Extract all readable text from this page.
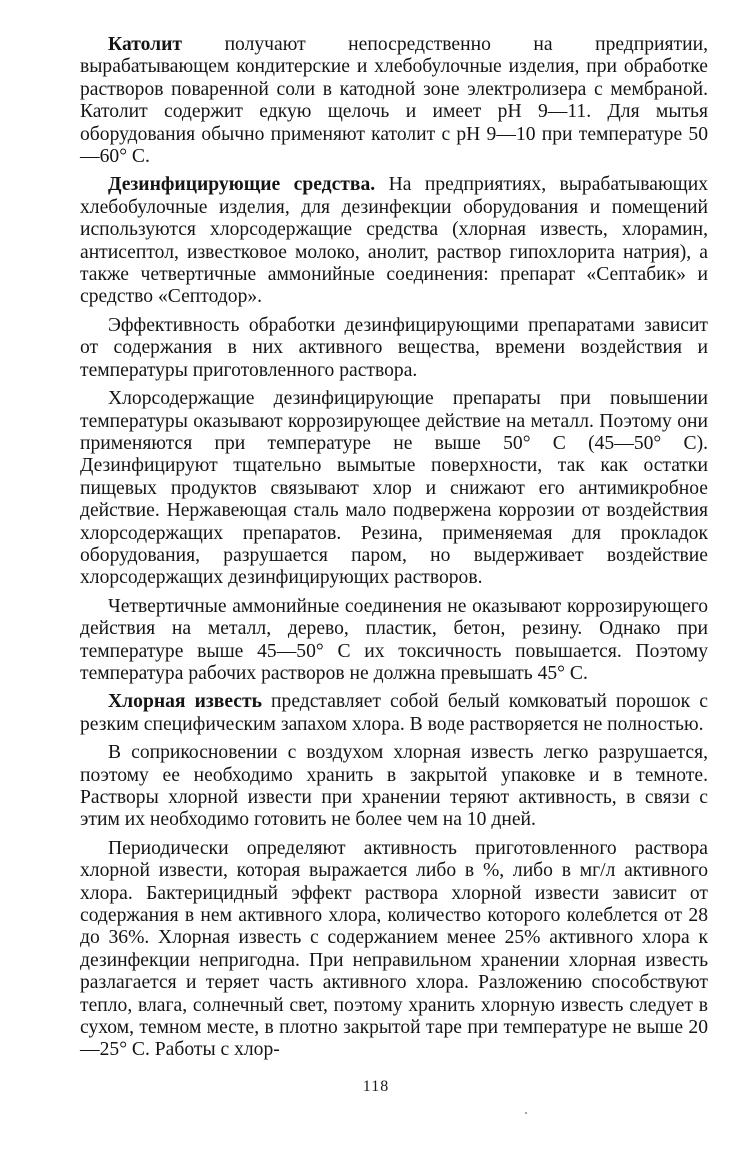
Католит получают непосредственно на предприятии, вырабатывающем кондитерские и хлебобулочные изделия, при обработке растворов поваренной соли в катодной зоне электролизера с мембраной. Католит содержит едкую щелочь и имеет pH 9—11. Для мытья оборудования обычно применяют католит с pH 9—10 при температуре 50—60° С.

Дезинфицирующие средства. На предприятиях, вырабатывающих хлебобулочные изделия, для дезинфекции оборудования и помещений используются хлорсодержащие средства (хлорная известь, хлорамин, антисептол, известковое молоко, анолит, раствор гипохлорита натрия), а также четвертичные аммонийные соединения: препарат «Септабик» и средство «Септодор».

Эффективность обработки дезинфицирующими препаратами зависит от содержания в них активного вещества, времени воздействия и температуры приготовленного раствора.

Хлорсодержащие дезинфицирующие препараты при повышении температуры оказывают коррозирующее действие на металл. Поэтому они применяются при температуре не выше 50° С (45—50° С). Дезинфицируют тщательно вымытые поверхности, так как остатки пищевых продуктов связывают хлор и снижают его антимикробное действие. Нержавеющая сталь мало подвержена коррозии от воздействия хлорсодержащих препаратов. Резина, применяемая для прокладок оборудования, разрушается паром, но выдерживает воздействие хлорсодержащих дезинфицирующих растворов.

Четвертичные аммонийные соединения не оказывают коррозирующего действия на металл, дерево, пластик, бетон, резину. Однако при температуре выше 45—50° С их токсичность повышается. Поэтому температура рабочих растворов не должна превышать 45° С.

Хлорная известь представляет собой белый комковатый порошок с резким специфическим запахом хлора. В воде растворяется не полностью.

В соприкосновении с воздухом хлорная известь легко разрушается, поэтому ее необходимо хранить в закрытой упаковке и в темноте. Растворы хлорной извести при хранении теряют активность, в связи с этим их необходимо готовить не более чем на 10 дней.

Периодически определяют активность приготовленного раствора хлорной извести, которая выражается либо в %, либо в мг/л активного хлора. Бактерицидный эффект раствора хлорной извести зависит от содержания в нем активного хлора, количество которого колеблется от 28 до 36%. Хлорная известь с содержанием менее 25% активного хлора к дезинфекции непригодна. При неправильном хранении хлорная известь разлагается и теряет часть активного хлора. Разложению способствуют тепло, влага, солнечный свет, поэтому хранить хлорную известь следует в сухом, темном месте, в плотно закрытой таре при температуре не выше 20—25° С. Работы с хлор-

118
